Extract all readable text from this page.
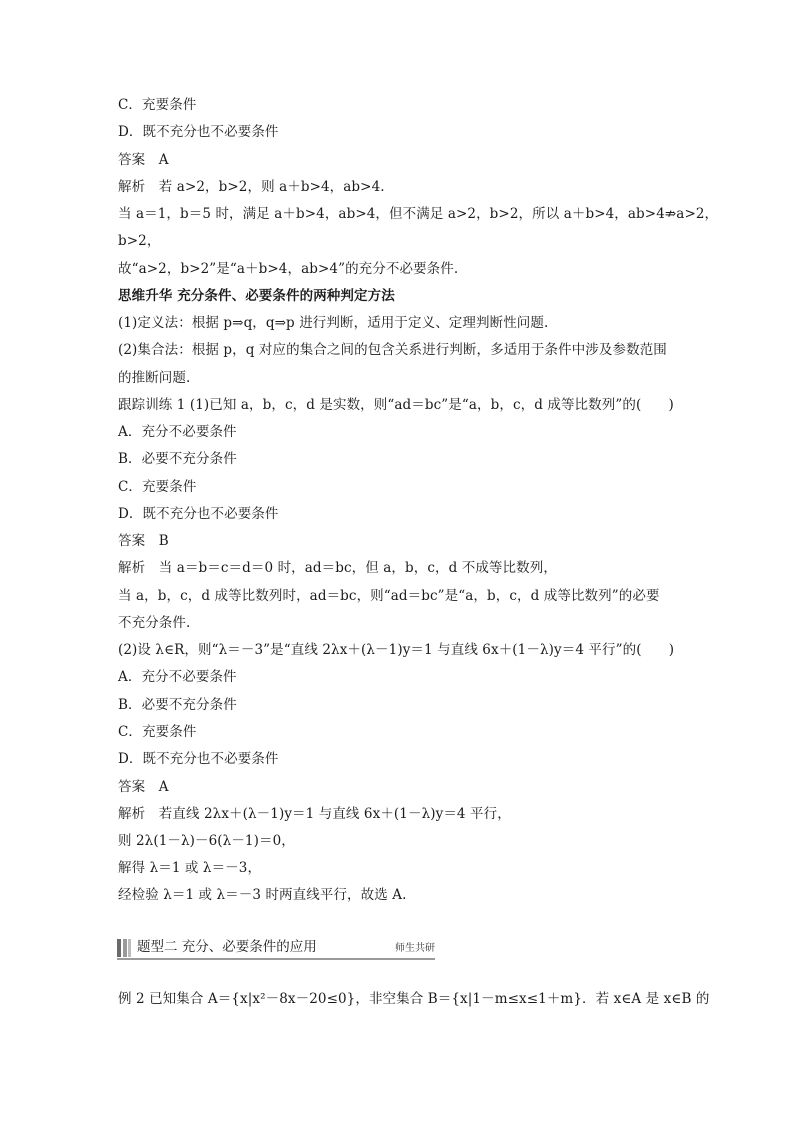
C．充要条件
D．既不充分也不必要条件
答案　A
解析　若 a>2，b>2，则 a＋b>4，ab>4.
当 a＝1，b＝5 时，满足 a＋b>4，ab>4，但不满足 a>2，b>2，所以 a＋b>4，ab>4⇏a>2，
b>2，
故“a>2，b>2”是“a＋b>4，ab>4”的充分不必要条件.
思维升华 充分条件、必要条件的两种判定方法
(1)定义法：根据 p⇒q，q⇒p 进行判断，适用于定义、定理判断性问题.
(2)集合法：根据 p，q 对应的集合之间的包含关系进行判断，多适用于条件中涉及参数范围
的推断问题.
跟踪训练 1 (1)已知 a，b，c，d 是实数，则“ad＝bc”是“a，b，c，d 成等比数列”的(　　)
A．充分不必要条件
B．必要不充分条件
C．充要条件
D．既不充分也不必要条件
答案　B
解析　当 a＝b＝c＝d＝0 时，ad＝bc，但 a，b，c，d 不成等比数列，
当 a，b，c，d 成等比数列时，ad＝bc，则“ad＝bc”是“a，b，c，d 成等比数列”的必要
不充分条件.
(2)设 λ∈R，则“λ＝－3”是“直线 2λx＋(λ－1)y＝1 与直线 6x＋(1－λ)y＝4 平行”的(　　)
A．充分不必要条件
B．必要不充分条件
C．充要条件
D．既不充分也不必要条件
答案　A
解析　若直线 2λx＋(λ－1)y＝1 与直线 6x＋(1－λ)y＝4 平行，
则 2λ(1－λ)－6(λ－1)＝0，
解得 λ＝1 或 λ＝－3，
经检验 λ＝1 或 λ＝－3 时两直线平行，故选 A.
题型二 充分、必要条件的应用	师生共研
例 2 已知集合 A＝{x|x²－8x－20≤0}，非空集合 B＝{x|1－m≤x≤1＋m}．若 x∈A 是 x∈B 的
